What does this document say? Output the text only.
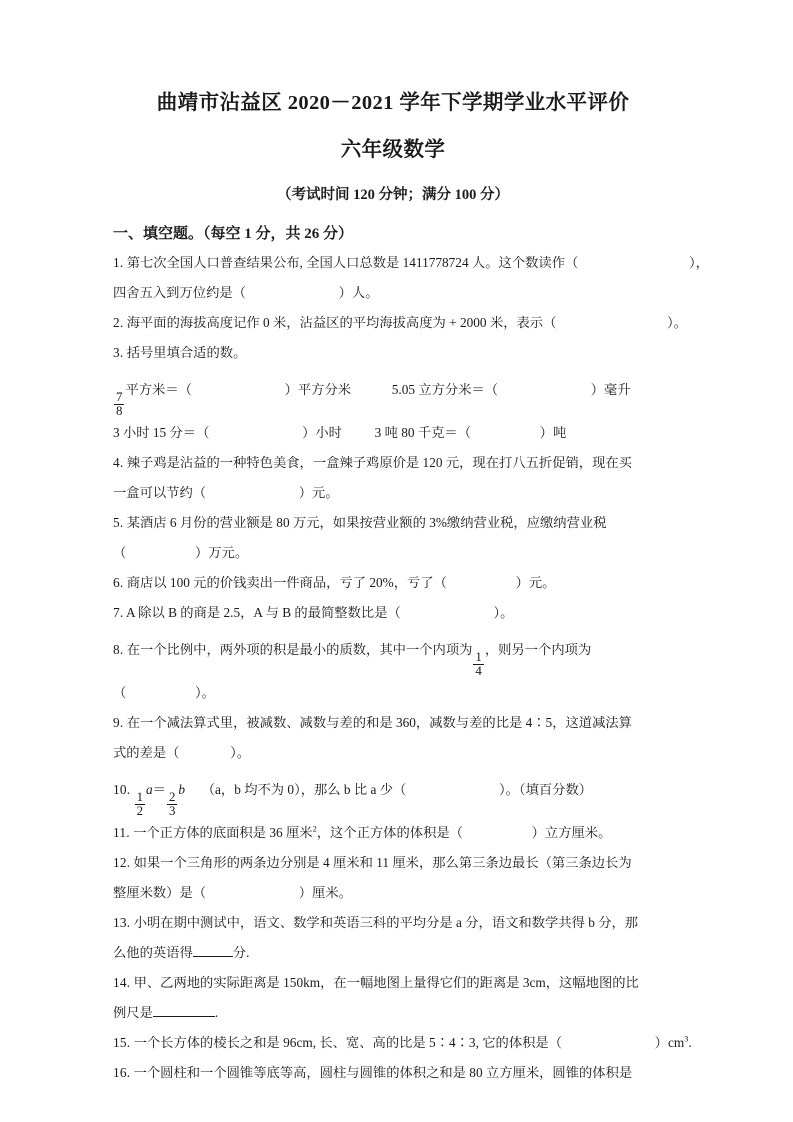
曲靖市沾益区 2020－2021 学年下学期学业水平评价
六年级数学

（考试时间 120 分钟；满分 100 分）

一、填空题。（每空 1 分，共 26 分）

1. 第七次全国人口普查结果公布, 全国人口总数是 1411778724 人。这个数读作（	），

四舍五入到万位约是（	）人。

2. 海平面的海拔高度记作 0 米，沾益区的平均海拔高度为 + 2000 米，表示（	）。

3. 括号里填合适的数。

$\frac{7}{8}$
平方米＝（	）平方分米	5.05 立方分米＝（	）毫升

3 小时 15 分＝（	）小时 3 吨 80 千克＝（	）吨

4. 辣子鸡是沾益的一种特色美食，一盒辣子鸡原价是 120 元，现在打八五折促销，现在买

一盒可以节约（	）元。

5. 某酒店 6 月份的营业额是 80 万元，如果按营业额的 3%缴纳营业税，应缴纳营业税

（	）万元。

6. 商店以 100 元的价钱卖出一件商品，亏了 20%，亏了（	）元。

7. A 除以 B 的商是 2.5，A 与 B 的最简整数比是（	）。

8. 在一个比例中，两外项的积是最小的质数，其中一个内项为
$\frac{1}{4}$
，则另一个内项为

（	）。

9. 在一个减法算式里，被减数、减数与差的和是 360，减数与差的比是 4∶5，这道减法算

式的差是（	）。

10.
$\frac{1}{2}$
a＝
$\frac{2}{3}$
b （a，b 均不为 0），那么 b 比 a 少（	）。（填百分数）

11. 一个正方体的底面积是 36 厘米$^2$，这个正方体的体积是（	）立方厘米。

12. 如果一个三角形的两条边分别是 4 厘米和 11 厘米，那么第三条边最长（第三条边长为

整厘米数）是（	）厘米。

13. 小明在期中测试中，语文、数学和英语三科的平均分是 a 分，语文和数学共得 b 分，那

么他的英语得	分.

14. 甲、乙两地的实际距离是 150km，在一幅地图上量得它们的距离是 3cm，这幅地图的比

例尺是	.

15. 一个长方体的棱长之和是 96cm, 长、宽、高的比是 5∶4∶3, 它的体积是（	）$cm^3$.

16. 一个圆柱和一个圆锥等底等高，圆柱与圆锥的体积之和是 80 立方厘米，圆锥的体积是
